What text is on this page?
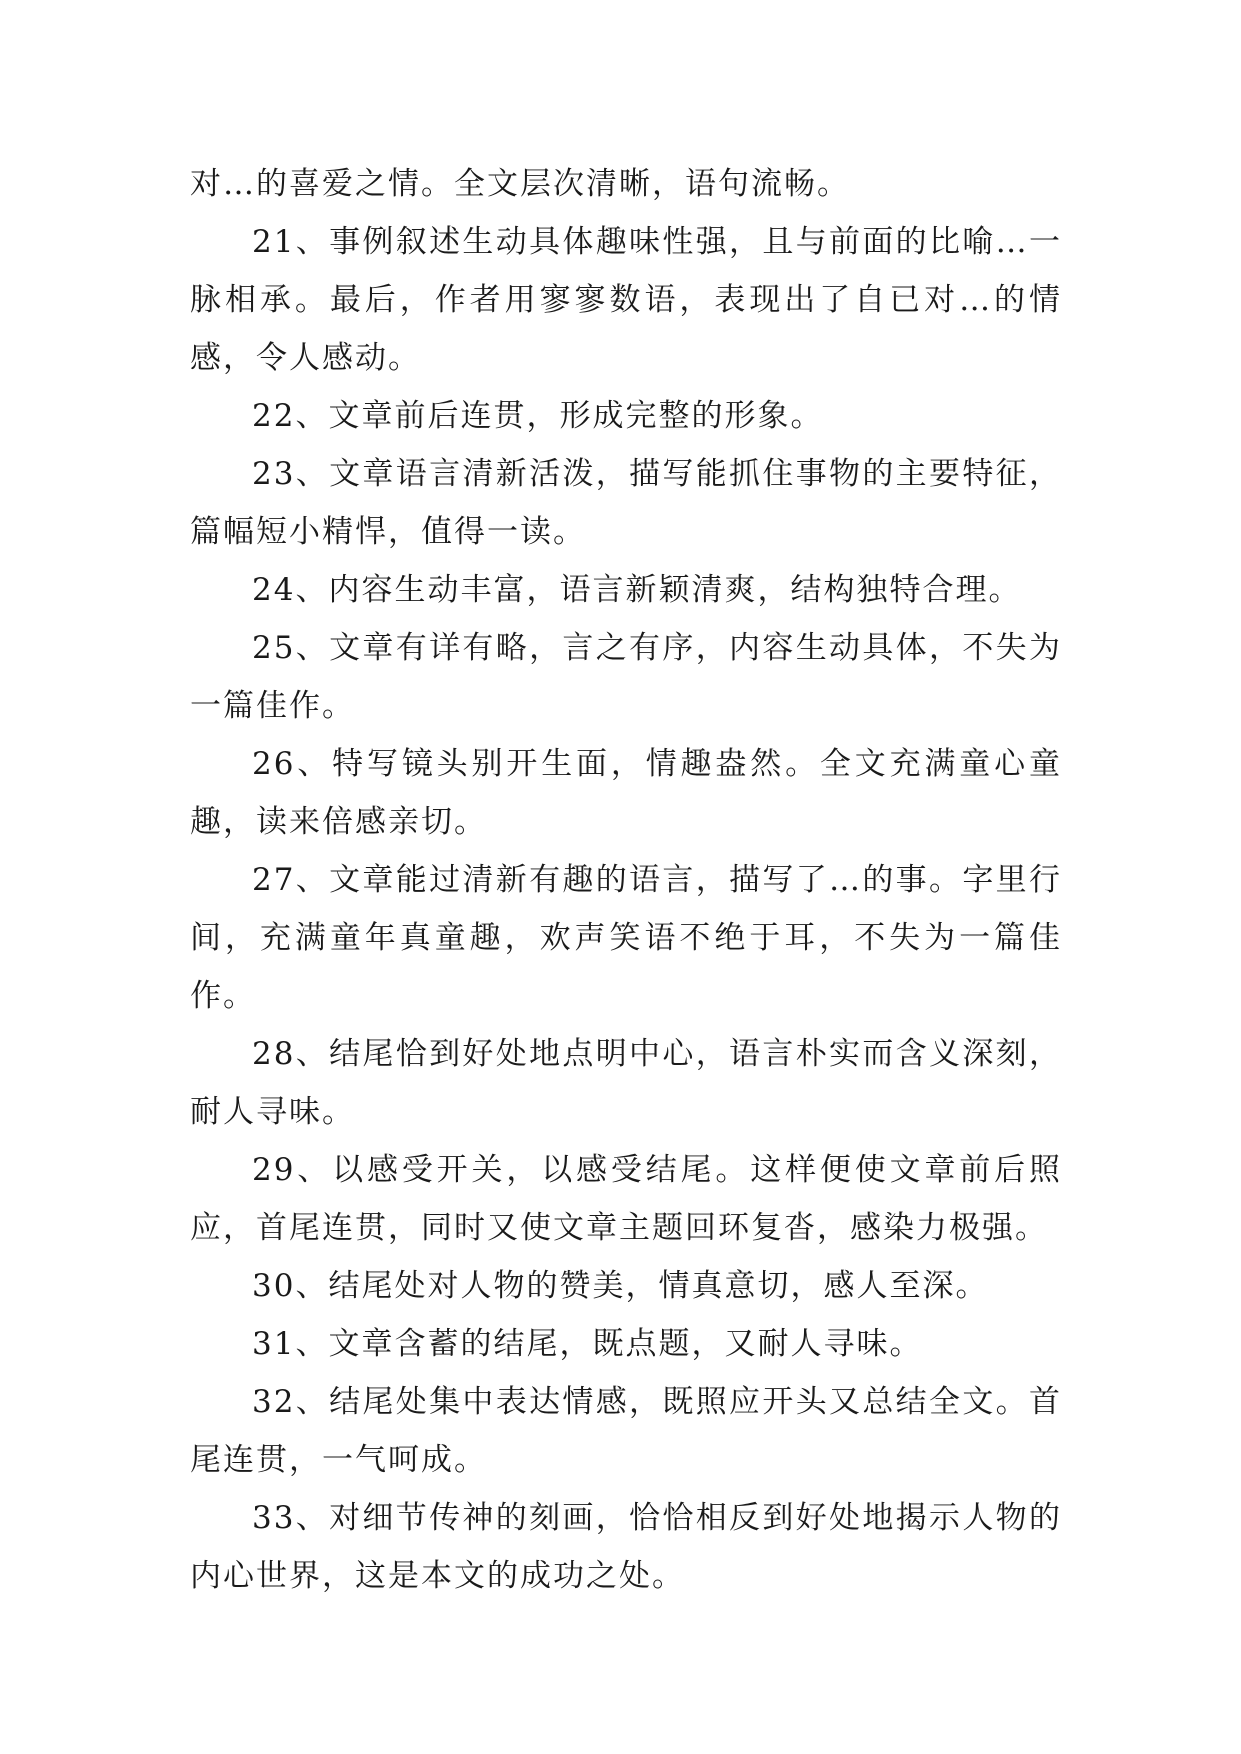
对…的喜爱之情。全文层次清晰，语句流畅。

21、事例叙述生动具体趣味性强，且与前面的比喻…一脉相承。最后，作者用寥寥数语，表现出了自已对…的情感，令人感动。

22、文章前后连贯，形成完整的形象。

23、文章语言清新活泼，描写能抓住事物的主要特征，篇幅短小精悍，值得一读。

24、内容生动丰富，语言新颖清爽，结构独特合理。

25、文章有详有略，言之有序，内容生动具体，不失为一篇佳作。

26、特写镜头别开生面，情趣盎然。全文充满童心童趣，读来倍感亲切。

27、文章能过清新有趣的语言，描写了…的事。字里行间，充满童年真童趣，欢声笑语不绝于耳，不失为一篇佳作。

28、结尾恰到好处地点明中心，语言朴实而含义深刻，耐人寻味。

29、以感受开关，以感受结尾。这样便使文章前后照应，首尾连贯，同时又使文章主题回环复沓，感染力极强。

30、结尾处对人物的赞美，情真意切，感人至深。

31、文章含蓄的结尾，既点题，又耐人寻味。

32、结尾处集中表达情感，既照应开头又总结全文。首尾连贯，一气呵成。

33、对细节传神的刻画，恰恰相反到好处地揭示人物的内心世界，这是本文的成功之处。
